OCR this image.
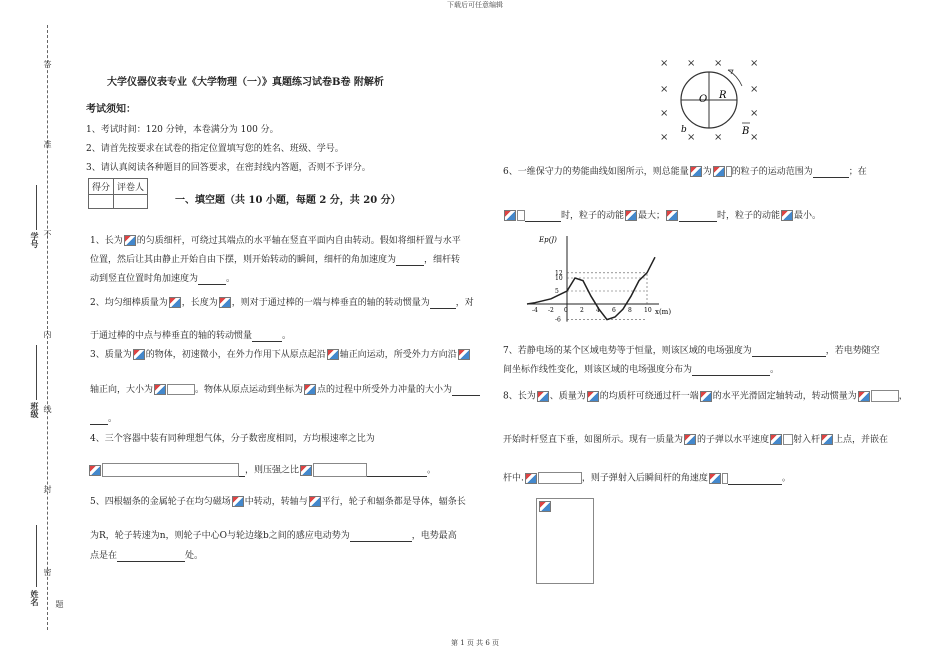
下载后可任意编辑
第 1 页 共 6 页
答
准
不
内
线
封
密
学号
班级
姓名 题
大学仪器仪表专业《大学物理（一）》真题练习试卷B卷 附解析
考试须知：
1、考试时间：120 分钟，本卷满分为 100 分。
2、请首先按要求在试卷的指定位置填写您的姓名、班级、学号。
3、请认真阅读各种题目的回答要求，在密封线内答题，否则不予评分。
得分	评卷人

一、填空题（共 10 小题，每题 2 分，共 20 分）
1、长为 的匀质细杆，可绕过其端点的水平轴在竖直平面内自由转动。假如将细杆置与水平
位置，然后让其由静止开始自由下摆，则开始转动的瞬间，细杆的角加速度为	，细杆转
动到竖直位置时角加速度为	。
2、均匀细棒质量为 ，长度为 ，则对于通过棒的一端与棒垂直的轴的转动惯量为	，对
于通过棒的中点与棒垂直的轴的转动惯量	。
3、质量为 的物体，初速微小，在外力作用下从原点起沿 轴正向运动，所受外力方向沿
轴正向，大小为	。物体从原点运动到坐标为 点的过程中所受外力冲量的大小为
。
4、三个容器中装有同种理想气体，分子数密度相同，方均根速率之比为
，则压强之比	。
5、四根辐条的金属轮子在均匀磁场 中转动，转轴与 平行，轮子和辐条都是导体，辐条长
为R，轮子转速为n，则轮子中心O与轮边缘b之间的感应电动势为	，电势最高
点是在	处。
× × ×	×
×	×
×	×
× × ×	×
O R
b	B
6、一维保守力的势能曲线如图所示，则总能量 为 的粒子的运动范围为	；在
时，粒子的动能 最大；	时，粒子的动能 最小。
-4 -2 0 2 4 6 8 10
12
10
5
-6
Ep(J)
x(m)
7、若静电场的某个区域电势等于恒量，则该区域的电场强度为	，若电势随空
间坐标作线性变化，则该区域的电场强度分布为	。
8、长为 、质量为 的均质杆可绕通过杆一端 的水平光滑固定轴转动，转动惯量为	，
开始时杆竖直下垂，如图所示。现有一质量为 的子弹以水平速度	射入杆 上点，并嵌在
杆中.	，则子弹射入后瞬间杆的角速度	。
